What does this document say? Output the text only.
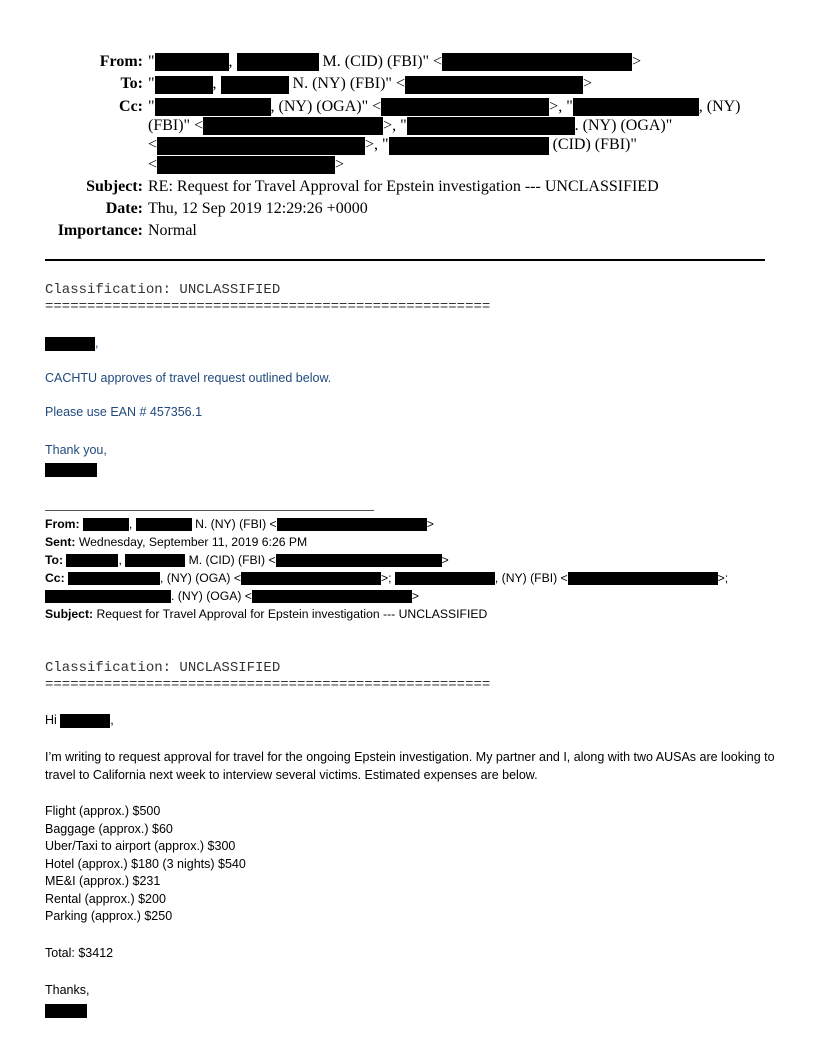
From: "	,	M. (CID) (FBI)" <	>
To: "	,	N. (NY) (FBI)" <	>
Cc: "	, (NY) (OGA)" <	>, "	, (NY)
(FBI)" <	>, "	. (NY) (OGA)"
<	>, "	(CID) (FBI)"
<	>
Subject: RE: Request for Travel Approval for Epstein investigation --- UNCLASSIFIED
Date: Thu, 12 Sep 2019 12:29:26 +0000
Importance: Normal
Classification: UNCLASSIFIED
=====================================================
,
CACHTU approves of travel request outlined below.
Please use EAN # 457356.1
Thank you,
From:	,	N. (NY) (FBI) <	>
Sent: Wednesday, September 11, 2019 6:26 PM
To:	,	M. (CID) (FBI) <	>
Cc:	, (NY) (OGA) <	>;	, (NY) (FBI) <	>;
. (NY) (OGA) <	>
Subject: Request for Travel Approval for Epstein investigation --- UNCLASSIFIED
Classification: UNCLASSIFIED
=====================================================
Hi	,
I’m writing to request approval for travel for the ongoing Epstein investigation. My partner and I, along with two AUSAs are looking to travel to California next week to interview several victims. Estimated expenses are below.
Flight (approx.) $500
Baggage (approx.) $60
Uber/Taxi to airport (approx.) $300
Hotel (approx.) $180 (3 nights) $540
ME&I (approx.) $231
Rental (approx.) $200
Parking (approx.) $250
Total: $3412
Thanks,
